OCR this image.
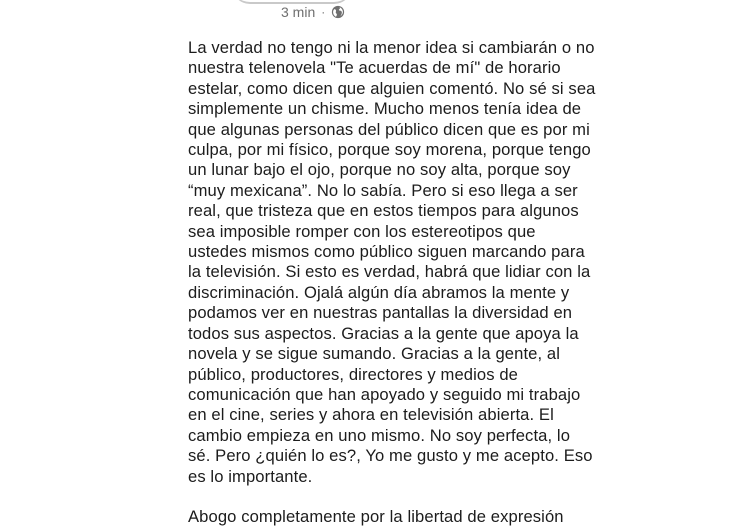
3 min ·
La verdad no tengo ni la menor idea si cambiarán o no
nuestra telenovela "Te acuerdas de mí" de horario
estelar, como dicen que alguien comentó. No sé si sea
simplemente un chisme. Mucho menos tenía idea de
que algunas personas del público dicen que es por mi
culpa, por mi físico, porque soy morena, porque tengo
un lunar bajo el ojo, porque no soy alta, porque soy
“muy mexicana”. No lo sabía. Pero si eso llega a ser
real, que tristeza que en estos tiempos para algunos
sea imposible romper con los estereotipos que
ustedes mismos como público siguen marcando para
la televisión. Si esto es verdad, habrá que lidiar con la
discriminación. Ojalá algún día abramos la mente y
podamos ver en nuestras pantallas la diversidad en
todos sus aspectos. Gracias a la gente que apoya la
novela y se sigue sumando. Gracias a la gente, al
público, productores, directores y medios de
comunicación que han apoyado y seguido mi trabajo
en el cine, series y ahora en televisión abierta. El
cambio empieza en uno mismo. No soy perfecta, lo
sé. Pero ¿quién lo es?, Yo me gusto y me acepto. Eso
es lo importante.
Abogo completamente por la libertad de expresión
